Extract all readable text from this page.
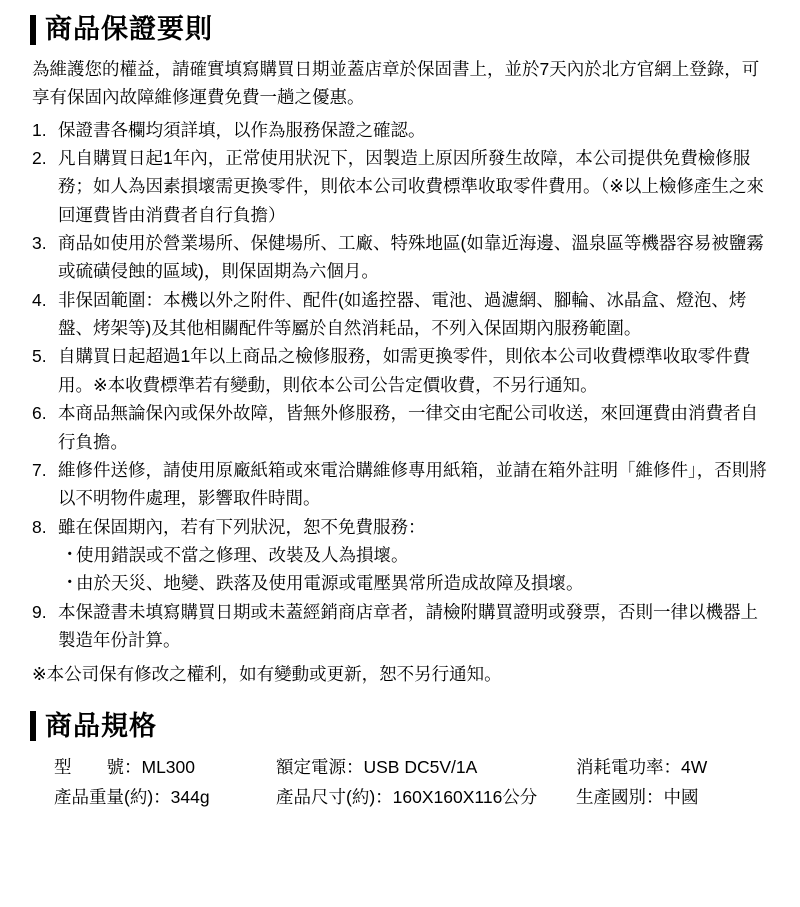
商品保證要則

為維護您的權益，請確實填寫購買日期並蓋店章於保固書上，並於7天內於北方官網上登錄，可享有保固內故障維修運費免費一趟之優惠。

1. 保證書各欄均須詳填，以作為服務保證之確認。
2. 凡自購買日起1年內，正常使用狀況下，因製造上原因所發生故障，本公司提供免費檢修服務；如人為因素損壞需更換零件，則依本公司收費標準收取零件費用。（※以上檢修產生之來回運費皆由消費者自行負擔）
3. 商品如使用於營業場所、保健場所、工廠、特殊地區(如靠近海邊、溫泉區等機器容易被鹽霧或硫磺侵蝕的區域)，則保固期為六個月。
4. 非保固範圍：本機以外之附件、配件(如遙控器、電池、過濾網、腳輪、冰晶盒、燈泡、烤盤、烤架等)及其他相關配件等屬於自然消耗品，不列入保固期內服務範圍。
5. 自購買日起超過1年以上商品之檢修服務，如需更換零件，則依本公司收費標準收取零件費用。※本收費標準若有變動，則依本公司公告定價收費，不另行通知。
6. 本商品無論保內或保外故障，皆無外修服務，一律交由宅配公司收送，來回運費由消費者自行負擔。
7. 維修件送修，請使用原廠紙箱或來電洽購維修專用紙箱，並請在箱外註明「維修件」，否則將以不明物件處理，影響取件時間。
8. 雖在保固期內，若有下列狀況，恕不免費服務：
・
使用錯誤或不當之修理、改裝及人為損壞。
・
由於天災、地變、跌落及使用電源或電壓異常所造成故障及損壞。
9. 本保證書未填寫購買日期或未蓋經銷商店章者，請檢附購買證明或發票，否則一律以機器上製造年份計算。

※本公司保有修改之權利，如有變動或更新，恕不另行通知。

商品規格
型　　號：ML300	額定電源：USB DC5V/1A	消耗電功率：4W
產品重量(約)：344g	產品尺寸(約)：160X160X116公分	生產國別：中國
